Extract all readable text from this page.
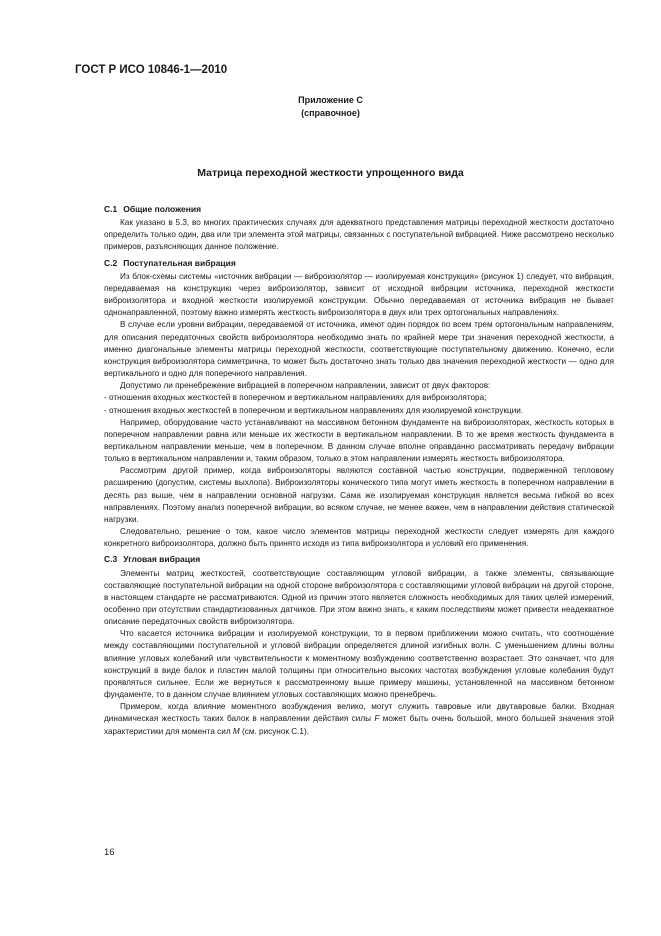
ГОСТ Р ИСО 10846-1—2010
Приложение С
(справочное)
Матрица переходной жесткости упрощенного вида
С.1 Общие положения

Как указано в 5.3, во многих практических случаях для адекватного представления матрицы переходной жесткости достаточно определить только один, два или три элемента этой матрицы, связанных с поступательной вибрацией. Ниже рассмотрено несколько примеров, разъясняющих данное положение.

С.2 Поступательная вибрация

Из блок-схемы системы «источник вибрации — виброизолятор — изолируемая конструкция» (рисунок 1) следует, что вибрация, передаваемая на конструкцию через виброизолятор, зависит от исходной вибрации источника, переходной жесткости виброизолятора и входной жесткости изолируемой конструкции. Обычно передаваемая от источника вибрация не бывает однонаправленной, поэтому важно измерять жесткость виброизолятора в двух или трех ортогональных направлениях.

В случае если уровни вибрации, передаваемой от источника, имеют один порядок по всем трем ортогональным направлениям, для описания передаточных свойств виброизолятора необходимо знать по крайней мере три значения переходной жесткости, а именно диагональные элементы матрицы переходной жесткости, соответствующие поступательному движению. Конечно, если конструкция виброизолятора симметрична, то может быть достаточно знать только два значения переходной жесткости — одно для вертикального и одно для поперечного направления.

Допустимо ли пренебрежение вибрацией в поперечном направлении, зависит от двух факторов:

- отношения входных жесткостей в поперечном и вертикальном направлениях для виброизолятора;

- отношения входных жесткостей в поперечном и вертикальном направлениях для изолируемой конструкции.

Например, оборудование часто устанавливают на массивном бетонном фундаменте на виброизоляторах, жесткость которых в поперечном направлении равна или меньше их жесткости в вертикальном направлении. В то же время жесткость фундамента в вертикальном направлении меньше, чем в поперечном. В данном случае вполне оправданно рассматривать передачу вибрации только в вертикальном направлении и, таким образом, только в этом направлении измерять жесткость виброизолятора.

Рассмотрим другой пример, когда виброизоляторы являются составной частью конструкции, подверженной тепловому расширению (допустим, системы выхлопа). Виброизоляторы конического типа могут иметь жесткость в поперечном направлении в десять раз выше, чем в направлении основной нагрузки. Сама же изолируемая конструкция является весьма гибкой во всех направлениях. Поэтому анализ поперечной вибрации, во всяком случае, не менее важен, чем в направлении действия статической нагрузки.

Следовательно, решение о том, какое число элементов матрицы переходной жесткости следует измерять для каждого конкретного виброизолятора, должно быть принято исходя из типа виброизолятора и условий его применения.

С.3 Угловая вибрация

Элементы матриц жесткостей, соответствующие составляющим угловой вибрации, а также элементы, связывающие составляющие поступательной вибрации на одной стороне виброизолятора с составляющими угловой вибрации на другой стороне, в настоящем стандарте не рассматриваются. Одной из причин этого является сложность необходимых для таких целей измерений, особенно при отсутствии стандартизованных датчиков. При этом важно знать, к каким последствиям может привести неадекватное описание передаточных свойств виброизолятора.

Что касается источника вибрации и изолируемой конструкции, то в первом приближении можно считать, что соотношение между составляющими поступательной и угловой вибрации определяется длиной изгибных волн. С уменьшением длины волны влияние угловых колебаний или чувствительности к моментному возбуждению соответственно возрастает. Это означает, что для конструкций в виде балок и пластин малой толщины при относительно высоких частотах возбуждения угловые колебания будут проявляться сильнее. Если же вернуться к рассмотренному выше примеру машины, установленной на массивном бетонном фундаменте, то в данном случае влиянием угловых составляющих можно пренебречь.

Примером, когда влияние моментного возбуждения велико, могут служить тавровые или двутавровые балки. Входная динамическая жесткость таких балок в направлении действия силы F может быть очень большой, много большей значения этой характеристики для момента сил M (см. рисунок С.1).

16
